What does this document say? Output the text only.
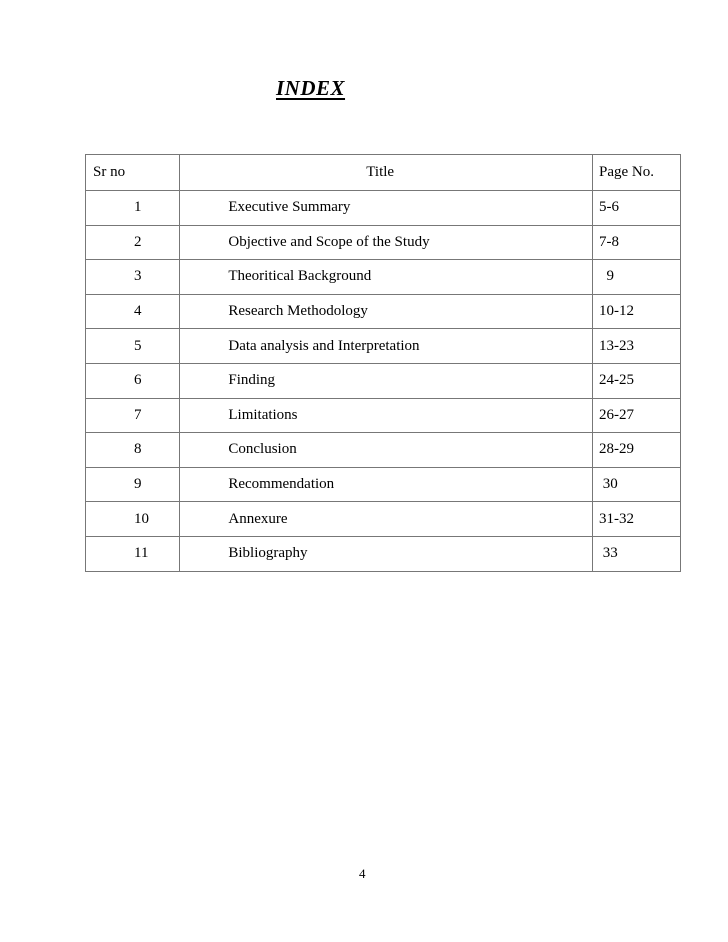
INDEX
Sr no	Title	Page No.
1	Executive Summary	5-6
2	Objective and Scope of the Study	7-8
3	Theoritical Background	9
4	Research Methodology	10-12
5	Data analysis and Interpretation	13-23
6	Finding	24-25
7	Limitations	26-27
8	Conclusion	28-29
9	Recommendation	30
10	Annexure	31-32
11	Bibliography	33
4
